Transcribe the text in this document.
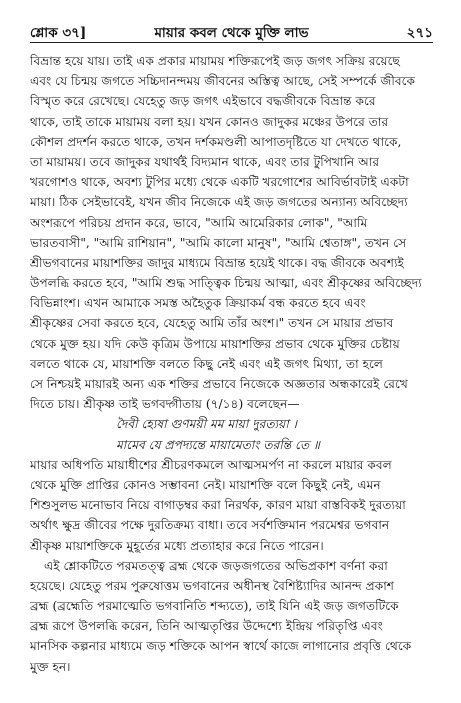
শ্লোক ৩৭]	মায়ার কবল থেকে মুক্তি লাভ	২৭১
বিভ্রান্ত হয়ে যায়। তাই এক প্রকার মায়াময় শক্তিরূপেই জড় জগৎ সক্রিয় রয়েছে
এবং যে চিন্ময় জগতে সচ্চিদানন্দময় জীবনের অস্তিত্ব আছে, সেই সম্পর্কে জীবকে
বিস্মৃত করে রেখেছে। যেহেতু জড় জগৎ এইভাবে বদ্ধজীবকে বিভ্রান্ত করে
থাকে, তাই তাকে মায়াময় বলা হয়। যখন কোনও জাদুকর মঞ্চের উপরে তার
কৌশল প্রদর্শন করতে থাকে, তখন দর্শকমণ্ডলী আপাতদৃষ্টিতে যা দেখতে থাকে,
তা মায়াময়। তবে জাদুকর যথার্থই বিদ্যমান থাকে, এবং তার টুপিখানি আর
খরগোশও থাকে, অবশ্য টুপির মধ্যে থেকে একটি খরগোশের আবির্ভাবটাই একটা
মায়া। ঠিক সেইভাবেই, যখন জীব নিজেকে এই জড় জগতের অন্যান্য অবিচ্ছেদ্য
অংশরূপে পরিচয় প্রদান করে, ভাবে, "আমি আমেরিকার লোক", "আমি
ভারতবাসী", "আমি রাশিয়ান", "আমি কালো মানুষ", "আমি শ্বেতাঙ্গ", তখন সে
শ্রীভগবানের মায়াশক্তির জাদুর মাধ্যমে বিভ্রান্ত হয়েই থাকে। বদ্ধ জীবকে অবশ্যই
উপলব্ধি করতে হবে, "আমি শুদ্ধ সাত্ত্বিক চিন্ময় আত্মা, এবং শ্রীকৃষ্ণের অবিচ্ছেদ্য
বিভিন্নাংশ। এখন আমাকে সমস্ত অহৈতুক ক্রিয়াকর্ম বন্ধ করতে হবে এবং
শ্রীকৃষ্ণের সেবা করতে হবে, যেহেতু আমি তাঁর অংশ।" তখন সে মায়ার প্রভাব
থেকে মুক্ত হয়। যদি কেউ কৃত্রিম উপায়ে মায়াশক্তির প্রভাব থেকে মুক্তির চেষ্টায়
বলতে থাকে যে, মায়াশক্তি বলতে কিছু নেই এবং এই জগৎ মিথ্যা, তা হলে
সে নিশ্চয়ই মায়ারই অন্য এক শক্তির প্রভাবে নিজেকে অজ্ঞতার অন্ধকারেই রেখে
দিতে চায়। শ্রীকৃষ্ণ তাই ভগবদ্গীতায় (৭/১৪) বলেছেন—
দৈবী হ্যেষা গুণময়ী মম মায়া দুরত্যয়া ।
মামেব যে প্রপদ্যন্তে মায়ামেতাং তরন্তি তে ॥
মায়ার অধিপতি মায়াধীশের শ্রীচরণকমলে আত্মসমর্পণ না করলে মায়ার কবল
থেকে মুক্তি প্রাপ্তির কোনও সম্ভাবনা নেই। মায়াশক্তি বলে কিছুই নেই, এমন
শিশুসুলভ মনোভাব নিয়ে বাগাড়ম্বর করা নিরর্থক, কারণ মায়া বাস্তবিকই দুরত্যয়া
অর্থাৎ ক্ষুদ্র জীবের পক্ষে দুরতিক্রম্য বাধা। তবে সর্বশক্তিমান পরমেশ্বর ভগবান
শ্রীকৃষ্ণ মায়াশক্তিকে মুহূর্তের মধ্যে প্রত্যাহার করে নিতে পারেন।
এই শ্লোকটিতে পরমতত্ত্ব ব্রহ্ম থেকে জড়জগতের অভিপ্রকাশ বর্ণনা করা
হয়েছে। যেহেতু পরম পুরুষোত্তম ভগবানের অধীনস্থ বৈশিষ্ট্যাদির আনন্দ প্রকাশ
ব্রহ্ম (ব্রহ্মেতি পরমাত্মেতি ভগবানিতি শব্দ্যতে), তাই যিনি এই জড় জগতটিকে
ব্রহ্ম রূপে উপলব্ধি করেন, তিনি আত্মতৃপ্তির উদ্দেশ্যে ইন্দ্রিয় পরিতৃপ্তি এবং
মানসিক কল্পনার মাধ্যমে জড় শক্তিকে আপন স্বার্থে কাজে লাগানোর প্রবৃত্তি থেকে
মুক্ত হন।
